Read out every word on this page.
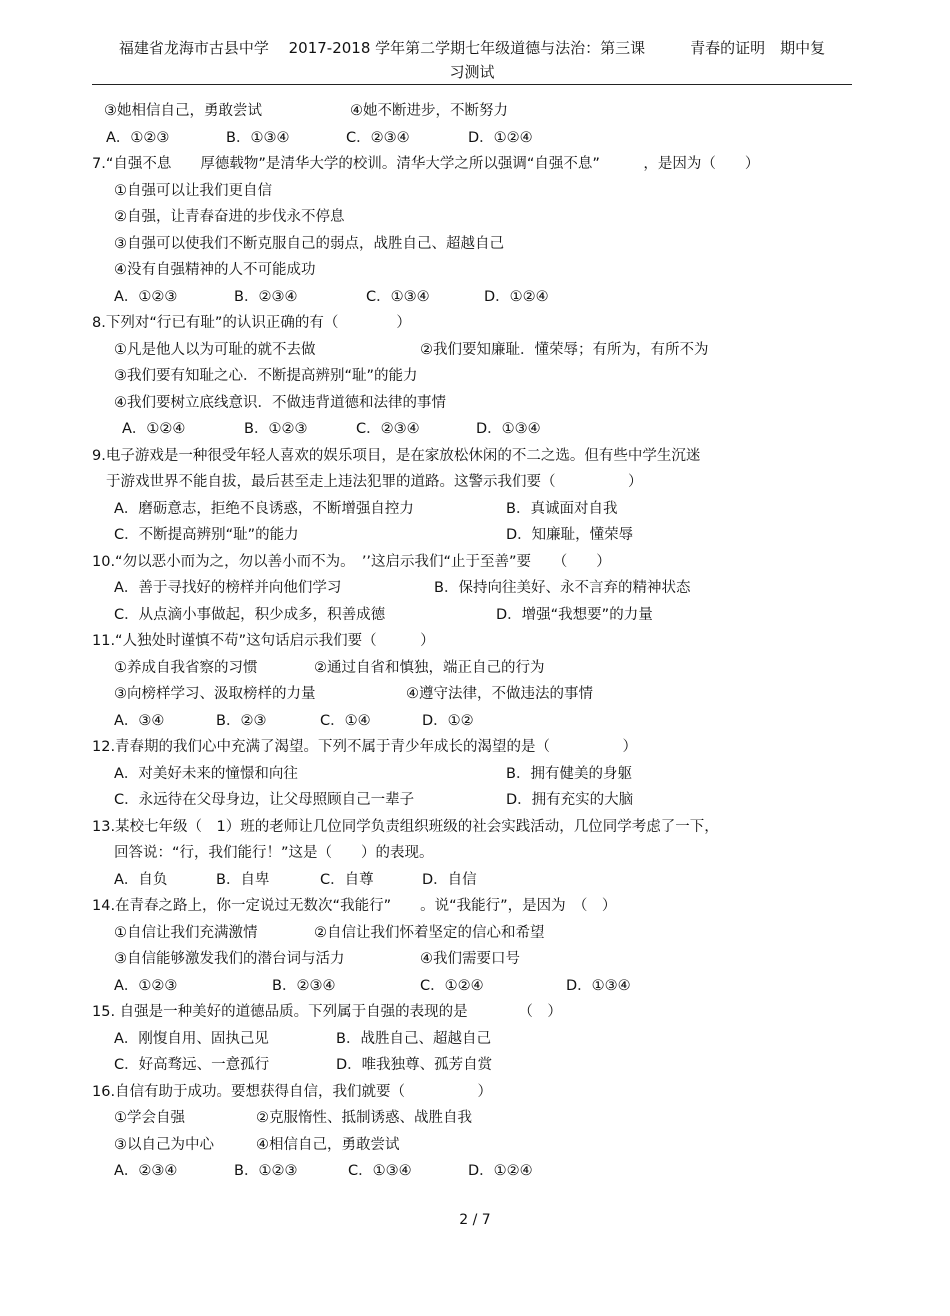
福建省龙海市古县中学　 2017-2018 学年第二学期七年级道德与法治：第三课　　　青春的证明　期中复
习测试
③她相信自己，勇敢尝试	④她不断进步，不断努力
A．①②③	B．①③④	C．②③④	D．①②④
7.“自强不息　　厚德载物”是清华大学的校训。清华大学之所以强调“自强不息”　　　，是因为（　　）
①自强可以让我们更自信
②自强，让青春奋进的步伐永不停息
③自强可以使我们不断克服自己的弱点，战胜自己、超越自己
④没有自强精神的人不可能成功
A．①②③	B．②③④	C．①③④	D．①②④
8.下列对“行已有耻”的认识正确的有（　　　　）
①凡是他人以为可耻的就不去做	②我们要知廉耻．懂荣辱；有所为，有所不为
③我们要有知耻之心．不断提高辨别“耻”的能力
④我们要树立底线意识．不做违背道德和法律的事情
A．①②④	B．①②③	C．②③④	D．①③④
9.电子游戏是一种很受年轻人喜欢的娱乐项目，是在家放松休闲的不二之选。但有些中学生沉迷
于游戏世界不能自拔，最后甚至走上违法犯罪的道路。这警示我们要（　　　　　）
A．磨砺意志，拒绝不良诱惑，不断增强自控力	B．真诚面对自我
C．不断提高辨别“耻”的能力	D．知廉耻，懂荣辱
10.“勿以恶小而为之，勿以善小而不为。　’’这启示我们“止于至善”要　　（　　）
A．善于寻找好的榜样并向他们学习	B．保持向往美好、永不言弃的精神状态
C．从点滴小事做起，积少成多，积善成德	D．增强“我想要”的力量
11.“人独处时谨慎不苟”这句话启示我们要（　　　）
①养成自我省察的习惯	②通过自省和慎独，端正自己的行为
③向榜样学习、汲取榜样的力量	④遵守法律，不做违法的事情
A．③④	B．②③	C．①④	D．①②
12.青春期的我们心中充满了渴望。下列不属于青少年成长的渴望的是（　　　　　）
A．对美好未来的憧憬和向往	B．拥有健美的身躯
C．永远待在父母身边，让父母照顾自己一辈子	D．拥有充实的大脑
13.某校七年级（　1）班的老师让几位同学负责组织班级的社会实践活动，几位同学考虑了一下，
回答说：“行，我们能行！”这是（　　）的表现。
A．自负	B．自卑	C．自尊	D．自信
14.在青春之路上，你一定说过无数次“我能行”　　。说“我能行”，是因为　（　）
①自信让我们充满激情	②自信让我们怀着坚定的信心和希望
③自信能够激发我们的潜台词与活力	④我们需要口号
A．①②③	B．②③④	C．①②④	D．①③④
15. 自强是一种美好的道德品质。下列属于自强的表现的是　　　　（　）
A．刚愎自用、固执己见	B．战胜自己、超越自己
C．好高骛远、一意孤行	D．唯我独尊、孤芳自赏
16.自信有助于成功。要想获得自信，我们就要（　　　　　）
①学会自强	②克服惰性、抵制诱惑、战胜自我
③以自己为中心	④相信自己，勇敢尝试
A．②③④	B．①②③	C．①③④	D．①②④
2 / 7
